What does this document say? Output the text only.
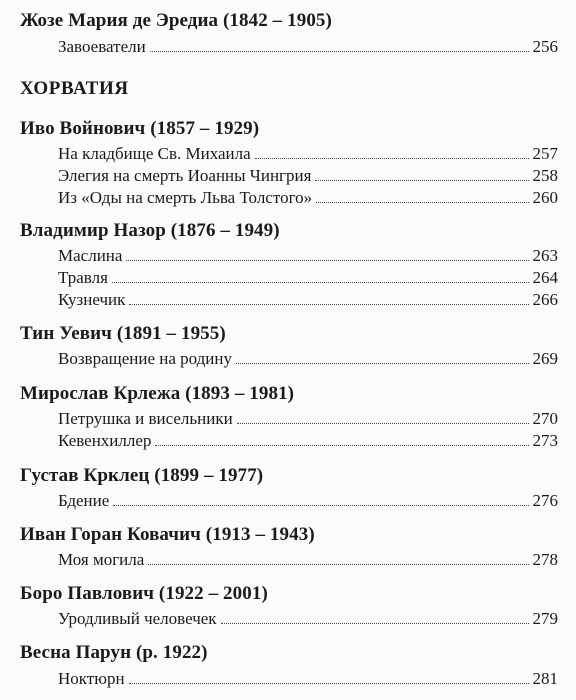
Жозе Мария де Эредиа (1842 – 1905)
Завоеватели	256
ХОРВАТИЯ
Иво Войнович (1857 – 1929)
На кладбище Св. Михаила	257
Элегия на смерть Иоанны Чингрия	258
Из «Оды на смерть Льва Толстого»	260
Владимир Назор (1876 – 1949)
Маслина	263
Травля	264
Кузнечик	266
Тин Уевич (1891 – 1955)
Возвращение на родину	269
Мирослав Крлежа (1893 – 1981)
Петрушка и висельники	270
Кевенхиллер	273
Густав Крклец (1899 – 1977)
Бдение	276
Иван Горан Ковачич (1913 – 1943)
Моя могила	278
Боро Павлович (1922 – 2001)
Уродливый человечек	279
Весна Парун (р. 1922)
Ноктюрн	281
